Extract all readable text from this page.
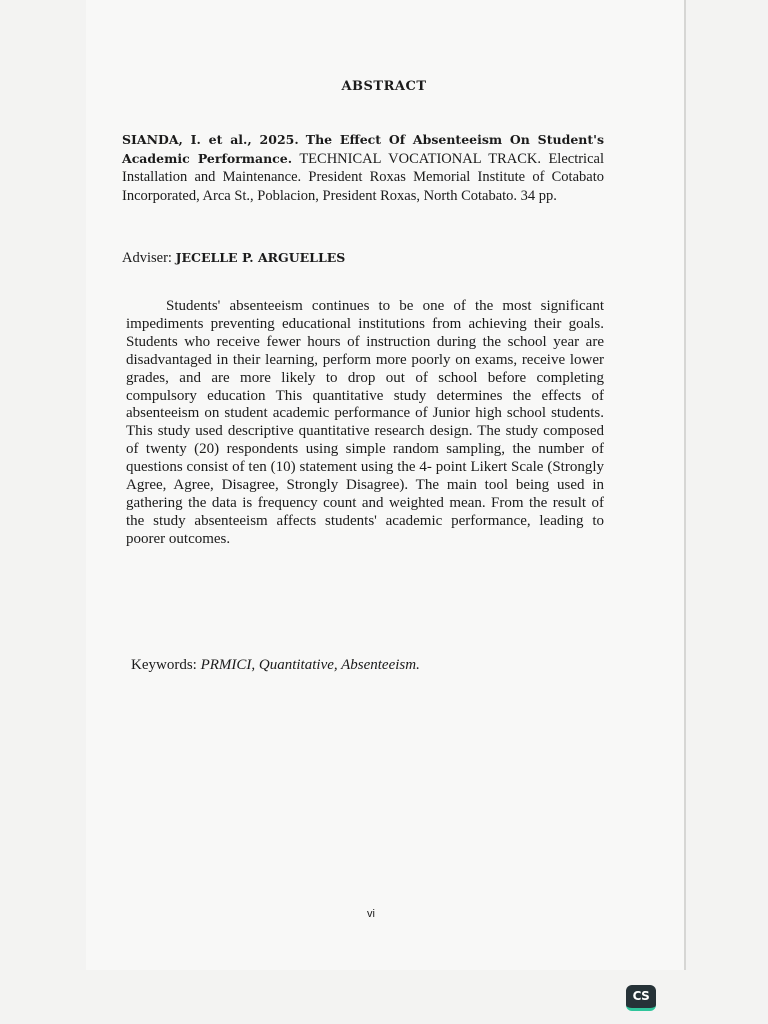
ABSTRACT
SIANDA, I. et al., 2025. The Effect Of Absenteeism On Student's Academic Performance. TECHNICAL VOCATIONAL TRACK. Electrical Installation and Maintenance. President Roxas Memorial Institute of Cotabato Incorporated, Arca St., Poblacion, President Roxas, North Cotabato. 34 pp.
Adviser: JECELLE P. ARGUELLES

Students' absenteeism continues to be one of the most significant impediments preventing educational institutions from achieving their goals. Students who receive fewer hours of instruction during the school year are disadvantaged in their learning, perform more poorly on exams, receive lower grades, and are more likely to drop out of school before completing compulsory education This quantitative study determines the effects of absenteeism on student academic performance of Junior high school students. This study used descriptive quantitative research design. The study composed of twenty (20) respondents using simple random sampling, the number of questions consist of ten (10) statement using the 4- point Likert Scale (Strongly Agree, Agree, Disagree, Strongly Disagree). The main tool being used in gathering the data is frequency count and weighted mean. From the result of the study absenteeism affects students' academic performance, leading to poorer outcomes.

Keywords: PRMICI, Quantitative, Absenteeism.
vi
CS
